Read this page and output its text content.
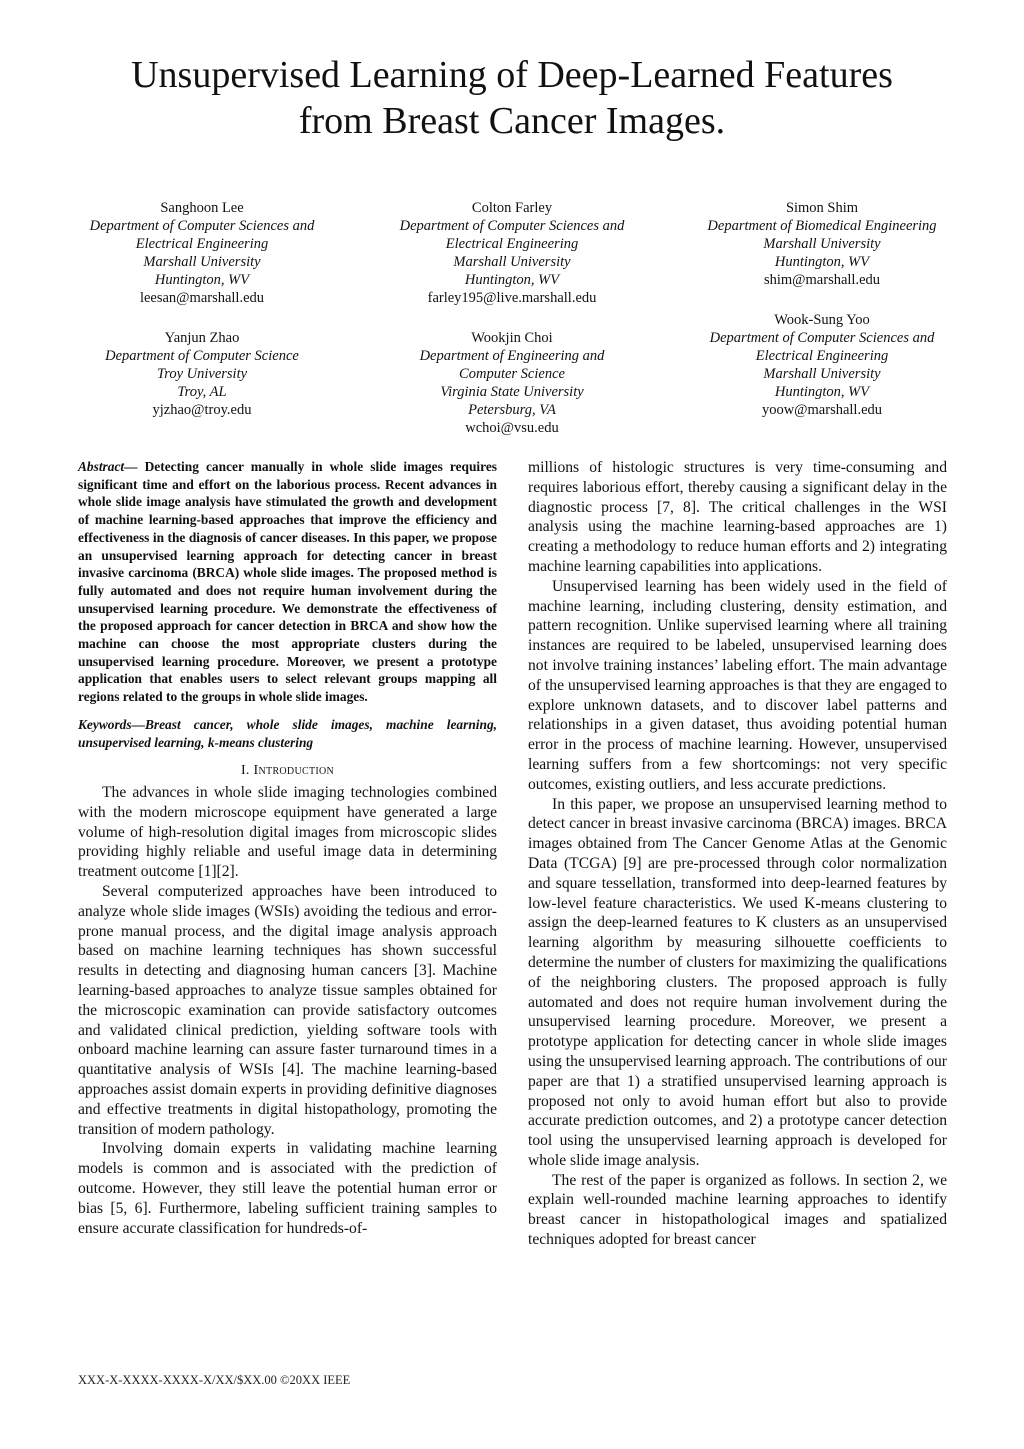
Unsupervised Learning of Deep-Learned Features
from Breast Cancer Images.
Sanghoon Lee
Department of Computer Sciences and
Electrical Engineering
Marshall University
Huntington, WV
leesan@marshall.edu
Colton Farley
Department of Computer Sciences and
Electrical Engineering
Marshall University
Huntington, WV
farley195@live.marshall.edu
Simon Shim
Department of Biomedical Engineering
Marshall University
Huntington, WV
shim@marshall.edu
Yanjun Zhao
Department of Computer Science
Troy University
Troy, AL
yjzhao@troy.edu
Wookjin Choi
Department of Engineering and
Computer Science
Virginia State University
Petersburg, VA
wchoi@vsu.edu
Wook-Sung Yoo
Department of Computer Sciences and
Electrical Engineering
Marshall University
Huntington, WV
yoow@marshall.edu
Abstract— Detecting cancer manually in whole slide images requires significant time and effort on the laborious process. Recent advances in whole slide image analysis have stimulated the growth and development of machine learning-based approaches that improve the efficiency and effectiveness in the diagnosis of cancer diseases. In this paper, we propose an unsupervised learning approach for detecting cancer in breast invasive carcinoma (BRCA) whole slide images. The proposed method is fully automated and does not require human involvement during the unsupervised learning procedure. We demonstrate the effectiveness of the proposed approach for cancer detection in BRCA and show how the machine can choose the most appropriate clusters during the unsupervised learning procedure. Moreover, we present a prototype application that enables users to select relevant groups mapping all regions related to the groups in whole slide images.
Keywords—Breast cancer, whole slide images, machine learning, unsupervised learning, k-means clustering
I. Introduction

The advances in whole slide imaging technologies combined with the modern microscope equipment have generated a large volume of high-resolution digital images from microscopic slides providing highly reliable and useful image data in determining treatment outcome [1][2].

Several computerized approaches have been introduced to analyze whole slide images (WSIs) avoiding the tedious and error-prone manual process, and the digital image analysis approach based on machine learning techniques has shown successful results in detecting and diagnosing human cancers [3]. Machine learning-based approaches to analyze tissue samples obtained for the microscopic examination can provide satisfactory outcomes and validated clinical prediction, yielding software tools with onboard machine learning can assure faster turnaround times in a quantitative analysis of WSIs [4]. The machine learning-based approaches assist domain experts in providing definitive diagnoses and effective treatments in digital histopathology, promoting the transition of modern pathology.

Involving domain experts in validating machine learning models is common and is associated with the prediction of outcome. However, they still leave the potential human error or bias [5, 6]. Furthermore, labeling sufficient training samples to ensure accurate classification for hundreds-of-

millions of histologic structures is very time-consuming and requires laborious effort, thereby causing a significant delay in the diagnostic process [7, 8]. The critical challenges in the WSI analysis using the machine learning-based approaches are 1) creating a methodology to reduce human efforts and 2) integrating machine learning capabilities into applications.

Unsupervised learning has been widely used in the field of machine learning, including clustering, density estimation, and pattern recognition. Unlike supervised learning where all training instances are required to be labeled, unsupervised learning does not involve training instances’ labeling effort. The main advantage of the unsupervised learning approaches is that they are engaged to explore unknown datasets, and to discover label patterns and relationships in a given dataset, thus avoiding potential human error in the process of machine learning. However, unsupervised learning suffers from a few shortcomings: not very specific outcomes, existing outliers, and less accurate predictions.

In this paper, we propose an unsupervised learning method to detect cancer in breast invasive carcinoma (BRCA) images. BRCA images obtained from The Cancer Genome Atlas at the Genomic Data (TCGA) [9] are pre-processed through color normalization and square tessellation, transformed into deep-learned features by low-level feature characteristics. We used K-means clustering to assign the deep-learned features to K clusters as an unsupervised learning algorithm by measuring silhouette coefficients to determine the number of clusters for maximizing the qualifications of the neighboring clusters. The proposed approach is fully automated and does not require human involvement during the unsupervised learning procedure. Moreover, we present a prototype application for detecting cancer in whole slide images using the unsupervised learning approach. The contributions of our paper are that 1) a stratified unsupervised learning approach is proposed not only to avoid human effort but also to provide accurate prediction outcomes, and 2) a prototype cancer detection tool using the unsupervised learning approach is developed for whole slide image analysis.

The rest of the paper is organized as follows. In section 2, we explain well-rounded machine learning approaches to identify breast cancer in histopathological images and spatialized techniques adopted for breast cancer

XXX-X-XXXX-XXXX-X/XX/$XX.00 ©20XX IEEE
